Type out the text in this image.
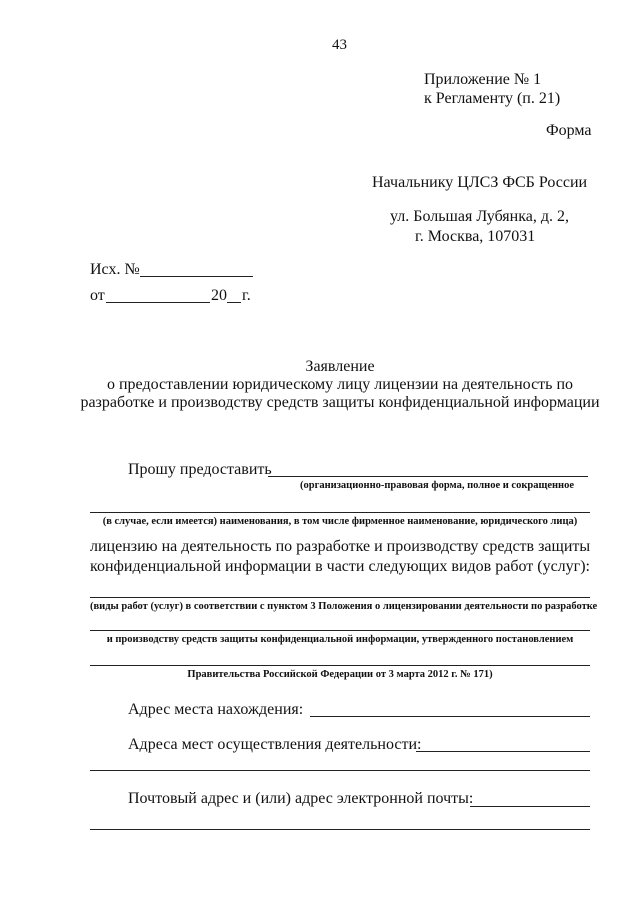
43
Приложение № 1
к Регламенту (п. 21)
Форма
Начальнику ЦЛСЗ ФСБ России
ул. Большая Лубянка, д. 2,
г. Москва, 107031
Исх. №
от	20 г.
Заявление
о предоставлении юридическому лицу лицензии на деятельность по
разработке и производству средств защиты конфиденциальной информации
Прошу предоставить
(организационно-правовая форма, полное и сокращенное
(в случае, если имеется) наименования, в том числе фирменное наименование, юридического лица)
лицензию на деятельность по разработке и производству средств защиты
конфиденциальной информации в части следующих видов работ (услуг):
(виды работ (услуг) в соответствии с пунктом 3 Положения о лицензировании деятельности по разработке
и производству средств защиты конфиденциальной информации, утвержденного постановлением
Правительства Российской Федерации от 3 марта 2012 г. № 171)
Адрес места нахождения:
Адреса мест осуществления деятельности:
Почтовый адрес и (или) адрес электронной почты:
